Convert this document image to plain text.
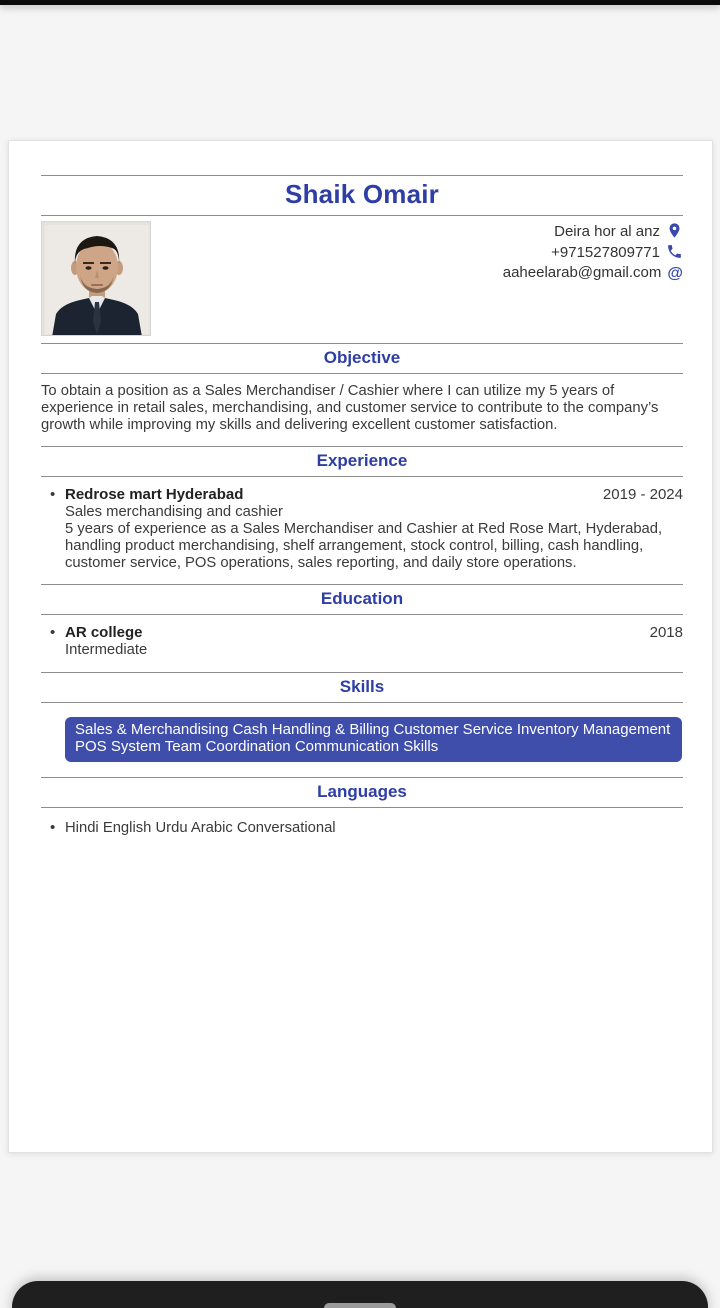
Shaik Omair
Deira hor al anz
+971527809771
aaheelarab@gmail.com @
Objective

To obtain a position as a Sales Merchandiser / Cashier where I can utilize my 5 years of experience in retail sales, merchandising, and customer service to contribute to the company’s growth while improving my skills and delivering excellent customer satisfaction.

Experience
• Redrose mart Hyderabad	2019 - 2024
Sales merchandising and cashier
5 years of experience as a Sales Merchandiser and Cashier at Red Rose Mart, Hyderabad, handling product merchandising, shelf arrangement, stock control, billing, cash handling, customer service, POS operations, sales reporting, and daily store operations.
Education
• AR college	2018
Intermediate
Skills
Sales & Merchandising Cash Handling & Billing Customer Service Inventory Management POS System Team Coordination Communication Skills
Languages
• Hindi English Urdu Arabic Conversational
